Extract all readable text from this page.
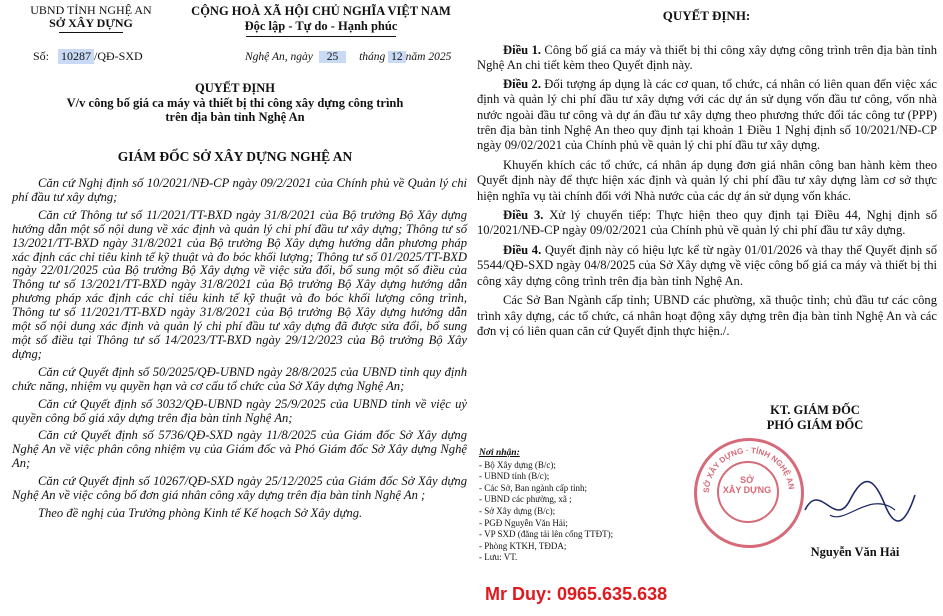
UBND TỈNH NGHỆ AN
SỞ XÂY DỰNG
CỘNG HOÀ XÃ HỘI CHỦ NGHĨA VIỆT NAM
Độc lập - Tự do - Hạnh phúc
Số: 10287 /QĐ-SXD	Nghệ An, ngày 25 tháng 12 năm 2025
QUYẾT ĐỊNH
V/v công bố giá ca máy và thiết bị thi công xây dựng công trình
trên địa bàn tỉnh Nghệ An
GIÁM ĐỐC SỞ XÂY DỰNG NGHỆ AN

Căn cứ Nghị định số 10/2021/NĐ-CP ngày 09/2/2021 của Chính phủ về Quản lý chi phí đầu tư xây dựng;

Căn cứ Thông tư số 11/2021/TT-BXD ngày 31/8/2021 của Bộ trưởng Bộ Xây dựng hướng dẫn một số nội dung về xác định và quản lý chi phí đầu tư xây dựng; Thông tư số 13/2021/TT-BXD ngày 31/8/2021 của Bộ trưởng Bộ Xây dựng hướng dẫn phương pháp xác định các chỉ tiêu kinh tế kỹ thuật và đo bóc khối lượng; Thông tư số 01/2025/TT-BXD ngày 22/01/2025 của Bộ trưởng Bộ Xây dựng về việc sửa đổi, bổ sung một số điều của Thông tư số 13/2021/TT-BXD ngày 31/8/2021 của Bộ trưởng Bộ Xây dựng hướng dẫn phương pháp xác định các chỉ tiêu kinh tế kỹ thuật và đo bóc khối lượng công trình, Thông tư số 11/2021/TT-BXD ngày 31/8/2021 của Bộ trưởng Bộ Xây dựng hướng dẫn một số nội dung xác định và quản lý chi phí đầu tư xây dựng đã được sửa đổi, bổ sung một số điều tại Thông tư số 14/2023/TT-BXD ngày 29/12/2023 của Bộ trưởng Bộ Xây dựng;

Căn cứ Quyết định số 50/2025/QĐ-UBND ngày 28/8/2025 của UBND tỉnh quy định chức năng, nhiệm vụ quyền hạn và cơ cấu tổ chức của Sở Xây dựng Nghệ An;

Căn cứ Quyết định số 3032/QĐ-UBND ngày 25/9/2025 của UBND tỉnh về việc uỷ quyền công bố giá xây dựng trên địa bàn tỉnh Nghệ An;

Căn cứ Quyết định số 5736/QĐ-SXD ngày 11/8/2025 của Giám đốc Sở Xây dựng Nghệ An về việc phân công nhiệm vụ của Giám đốc và Phó Giám đốc Sở Xây dựng Nghệ An;

Căn cứ Quyết định số 10267/QĐ-SXD ngày 25/12/2025 của Giám đốc Sở Xây dựng Nghệ An về việc công bố đơn giá nhân công xây dựng trên địa bàn tỉnh Nghệ An ;

Theo đề nghị của Trưởng phòng Kinh tế Kế hoạch Sở Xây dựng.

QUYẾT ĐỊNH:

Điều 1. Công bố giá ca máy và thiết bị thi công xây dựng công trình trên địa bàn tỉnh Nghệ An chi tiết kèm theo Quyết định này.

Điều 2. Đối tượng áp dụng là các cơ quan, tổ chức, cá nhân có liên quan đến việc xác định và quản lý chi phí đầu tư xây dựng với các dự án sử dụng vốn đầu tư công, vốn nhà nước ngoài đầu tư công và dự án đầu tư xây dựng theo phương thức đối tác công tư (PPP) trên địa bàn tỉnh Nghệ An theo quy định tại khoản 1 Điều 1 Nghị định số 10/2021/NĐ-CP ngày 09/02/2021 của Chính phủ về quản lý chi phí đầu tư xây dựng.

Khuyến khích các tổ chức, cá nhân áp dụng đơn giá nhân công ban hành kèm theo Quyết định này để thực hiện xác định và quản lý chi phí đầu tư xây dựng làm cơ sở thực hiện nghĩa vụ tài chính đối với Nhà nước của các dự án sử dụng vốn khác.

Điều 3. Xử lý chuyển tiếp: Thực hiện theo quy định tại Điều 44, Nghị định số 10/2021/NĐ-CP ngày 09/02/2021 của Chính phủ về quản lý chi phí đầu tư xây dựng.

Điều 4. Quyết định này có hiệu lực kể từ ngày 01/01/2026 và thay thế Quyết định số 5544/QĐ-SXD ngày 04/8/2025 của Sở Xây dựng về việc công bố giá ca máy và thiết bị thi công xây dựng công trình trên địa bàn tỉnh Nghệ An.

Các Sở Ban Ngành cấp tỉnh; UBND các phường, xã thuộc tỉnh; chủ đầu tư các công trình xây dựng, các tổ chức, cá nhân hoạt động xây dựng trên địa bàn tỉnh Nghệ An và các đơn vị có liên quan căn cứ Quyết định thực hiện./.

Nơi nhận:
- Bộ Xây dựng (B/c);
- UBND tỉnh (B/c);
- Các Sở, Ban ngành cấp tỉnh;
- UBND các phường, xã ;
- Sở Xây dựng (B/c);
- PGĐ Nguyễn Văn Hải;
- VP SXD (đăng tải lên cổng TTĐT);
- Phòng KTKH, TĐDA;
- Lưu: VT.
KT. GIÁM ĐỐC
PHÓ GIÁM ĐỐC
SỞ XÂY DỰNG · TỈNH NGHỆ AN
SỞ
XÂY DỰNG
Nguyễn Văn Hải
Mr Duy: 0965.635.638
